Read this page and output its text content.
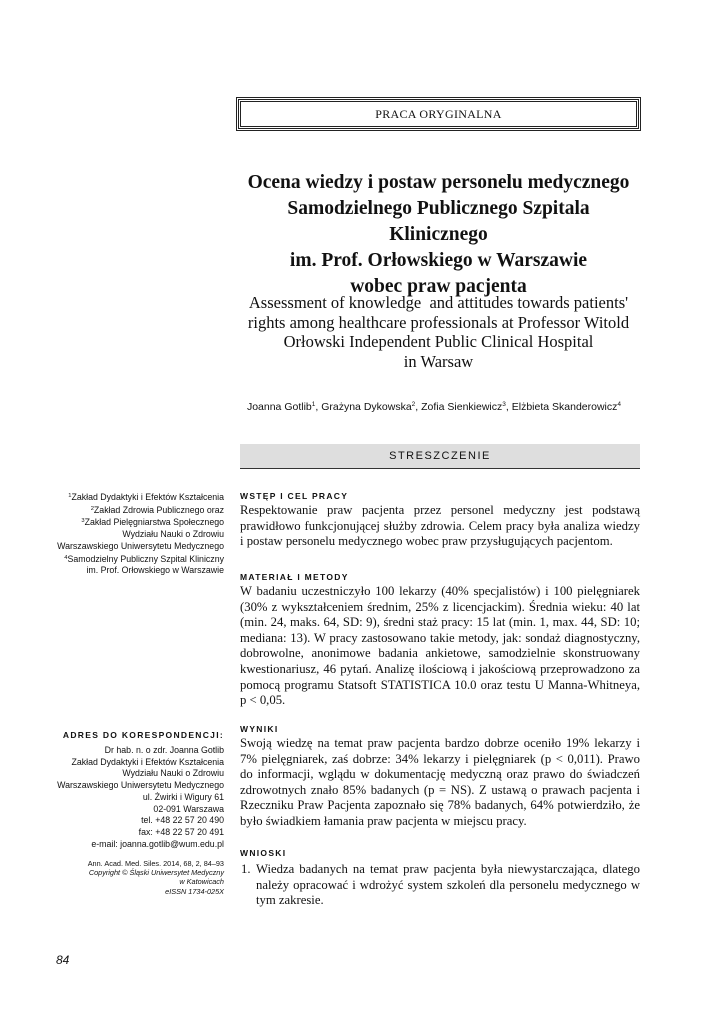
PRACA ORYGINALNA
Ocena wiedzy i postaw personelu medycznego
Samodzielnego Publicznego Szpitala Klinicznego
im. Prof. Orłowskiego w Warszawie
wobec praw pacjenta
Assessment of knowledge  and attitudes towards patients'
rights among healthcare professionals at Professor Witold
Orłowski Independent Public Clinical Hospital
in Warsaw
Joanna Gotlib$^1$, Grażyna Dykowska$^2$, Zofia Sienkiewicz$^3$, Elżbieta Skanderowicz$^4$
STRESZCZENIE
WSTĘP I CEL PRACY

Respektowanie praw pacjenta przez personel medyczny jest podstawą prawidłowo funkcjonującej służby zdrowia. Celem pracy była analiza wiedzy i postaw personelu medycznego wobec praw przysługujących pacjentom.

MATERIAŁ I METODY

W badaniu uczestniczyło 100 lekarzy (40% specjalistów) i 100 pielęgniarek (30% z wykształceniem średnim, 25% z licencjackim). Średnia wieku: 40 lat (min. 24, maks. 64, SD: 9), średni staż pracy: 15 lat (min. 1, max. 44, SD: 10; mediana: 13). W pracy zastosowano takie metody, jak: sondaż diagnostyczny, dobrowolne, anonimowe badania ankietowe, samodzielnie skonstruowany kwestionariusz, 46 pytań. Analizę ilościową i jakościową przeprowadzono za pomocą programu Statsoft STATISTICA 10.0 oraz testu U Manna-Whitneya, p < 0,05.

WYNIKI

Swoją wiedzę na temat praw pacjenta bardzo dobrze oceniło 19% lekarzy i 7% pielęgniarek, zaś dobrze: 34% lekarzy i pielęgniarek (p < 0,011). Prawo do informacji, wglądu w dokumentację medyczną oraz prawo do świadczeń zdrowotnych znało 85% badanych (p = NS). Z ustawą o prawach pacjenta i Rzeczniku Praw Pacjenta zapoznało się 78% badanych, 64% potwierdziło, że było świadkiem łamania praw pacjenta w miejscu pracy.

WNIOSKI
1. Wiedza badanych na temat praw pacjenta była niewystarczająca, dlatego należy opracować i wdrożyć system szkoleń dla personelu medycznego w tym zakresie.
$^1$Zakład Dydaktyki i Efektów Kształcenia
$^2$Zakład Zdrowia Publicznego oraz
$^3$Zakład Pielęgniarstwa Społecznego
Wydziału Nauki o Zdrowiu
Warszawskiego Uniwersytetu Medycznego
$^4$Samodzielny Publiczny Szpital Kliniczny
im. Prof. Orłowskiego w Warszawie
ADRES DO KORESPONDENCJI:
Dr hab. n. o zdr. Joanna Gotlib
Zakład Dydaktyki i Efektów Kształcenia
Wydziału Nauki o Zdrowiu
Warszawskiego Uniwersytetu Medycznego
ul. Żwirki i Wigury 61
02-091 Warszawa
tel. +48 22 57 20 490
fax: +48 22 57 20 491
e-mail: joanna.gotlib@wum.edu.pl
Ann. Acad. Med. Siles. 2014, 68, 2, 84–93
Copyright © Śląski Uniwersytet Medyczny
w Katowicach
eISSN 1734-025X
84
